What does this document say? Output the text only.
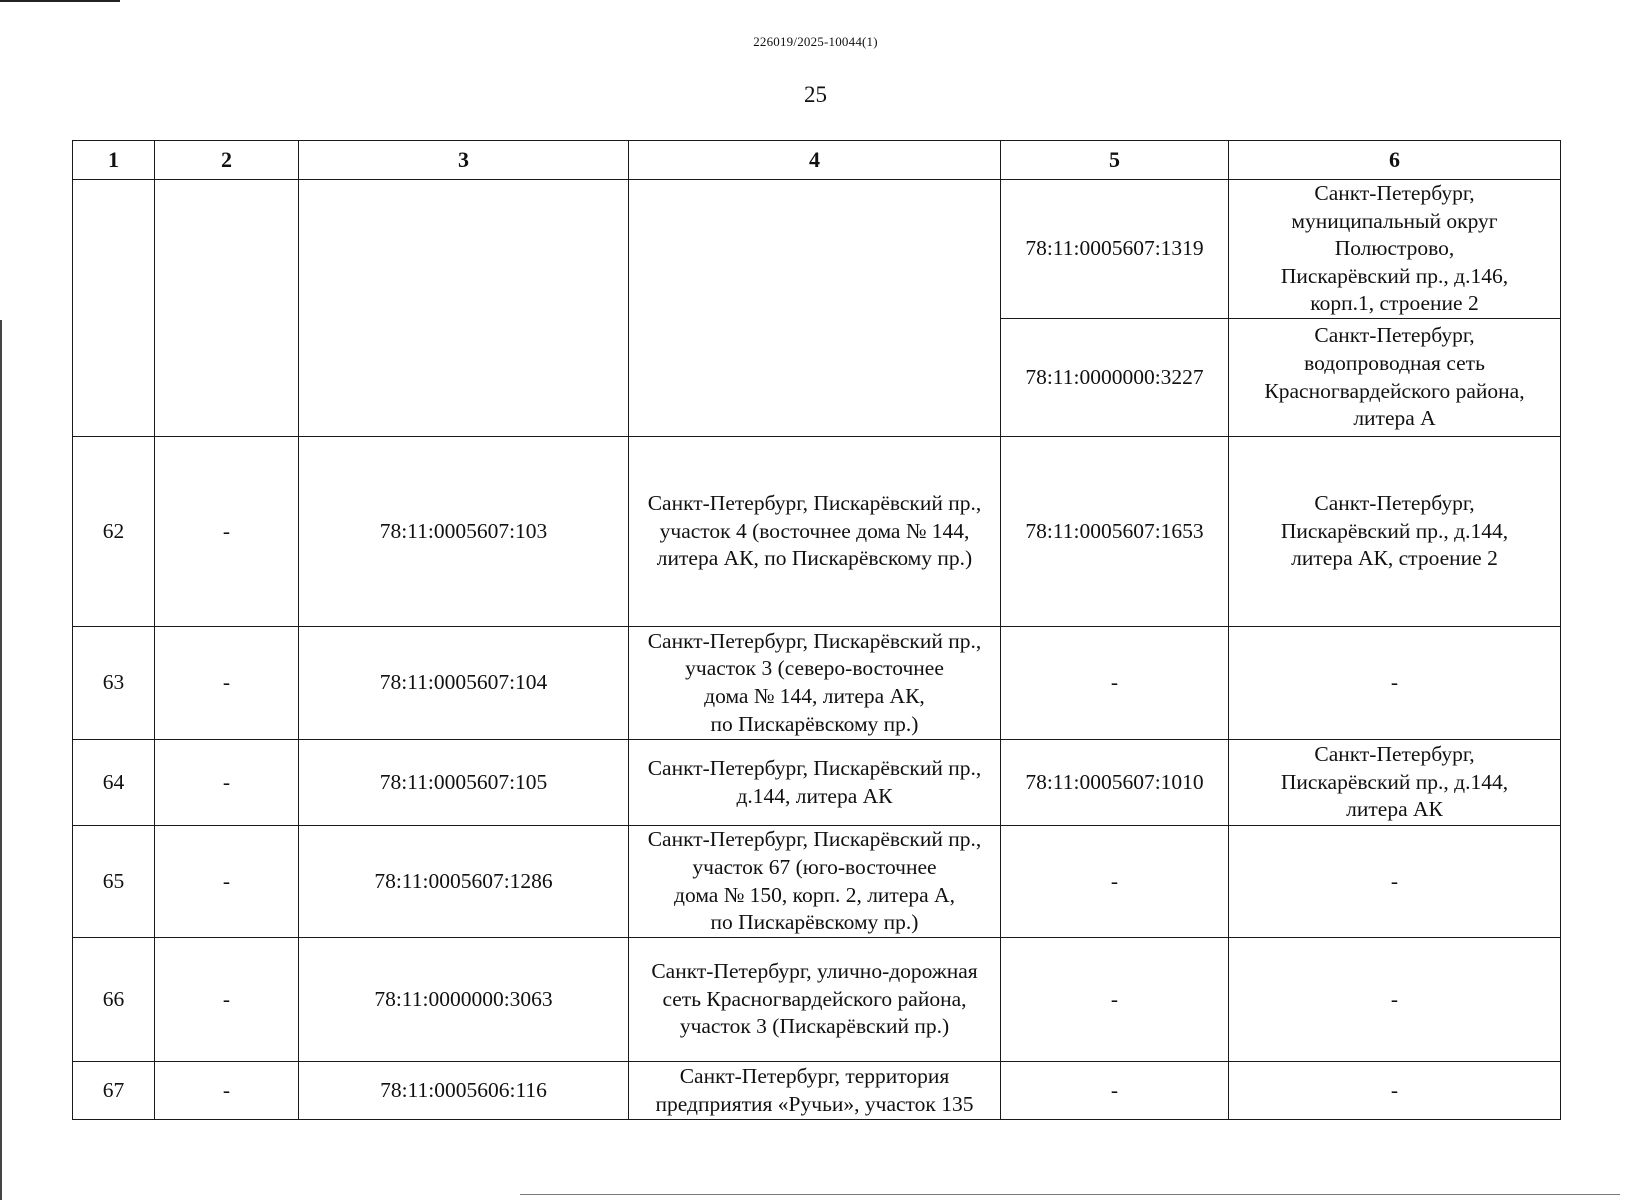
226019/2025-10044(1)
25
1	2	3	4	5	6
				78:11:0005607:1319	Санкт-Петербург,
муниципальный округ
Полюстрово,
Пискарёвский пр., д.146,
корп.1, строение 2
				78:11:0000000:3227	Санкт-Петербург,
водопроводная сеть
Красногвардейского района,
литера А
62	-	78:11:0005607:103	Санкт-Петербург, Пискарёвский пр.,
участок 4 (восточнее дома № 144,
литера АК, по Пискарёвскому пр.)	78:11:0005607:1653	Санкт-Петербург,
Пискарёвский пр., д.144,
литера АК, строение 2
63	-	78:11:0005607:104	Санкт-Петербург, Пискарёвский пр.,
участок 3 (северо-восточнее
дома № 144, литера АК,
по Пискарёвскому пр.)	-	-
64	-	78:11:0005607:105	Санкт-Петербург, Пискарёвский пр.,
д.144, литера АК	78:11:0005607:1010	Санкт-Петербург,
Пискарёвский пр., д.144,
литера АК
65	-	78:11:0005607:1286	Санкт-Петербург, Пискарёвский пр.,
участок 67 (юго-восточнее
дома № 150, корп. 2, литера А,
по Пискарёвскому пр.)	-	-
66	-	78:11:0000000:3063	Санкт-Петербург, улично-дорожная
сеть Красногвардейского района,
участок 3 (Пискарёвский пр.)	-	-
67	-	78:11:0005606:116	Санкт-Петербург, территория
предприятия «Ручьи», участок 135	-	-
